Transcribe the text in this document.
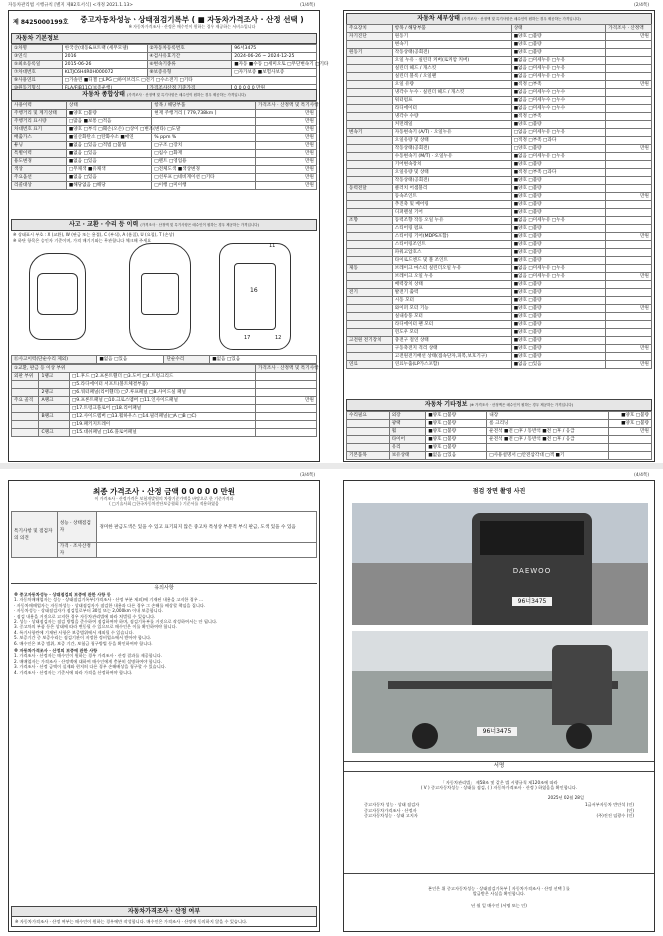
자동차관리법 시행규칙 [별지 제82호서식] <개정 2021.1.13>	(1/4쪽)
제 8425000199호	중고자동차성능ㆍ상태점검기록부 ( ■ 자동차가격조사 · 산정 선택 )
※ 자동차가격조사 · 산정은 매수인이 원하는 경우 제공하는 서비스입니다
자동차 기본정보
①차명	한국산(대동&프트랙 (세무모델)	②자동차등록번호	96서3475
③연식	2016	④검사유효기간	2024-06-26 ~ 2024-12-25
⑤최초등록일	2015-06-26	⑥변속기종류	■자동 ■수동 □세미오토 □무단변속기 □기타
⑦차대번호	KLTJC6H4R0H000072	⑧보증유형	□자가보증 ■보험사보증
⑨사용연료	□가솔린 ■디젤 □LPG □하이브리드 □전기 □수소전기 □기타		

자동차 종합상태 (가격조사 · 산정액 및 특기사항은 매수인이 원하는 경우 제공하는 가격입니다)
사용이력	상태	항목 / 해당부품	가격조사 · 산정액 및 특기사항
주행거리 및 계기상태	■양호 □불량	현재 주행거리 [ 779,738km ]	만원
주행거리 표시량	□많음 ■보통 □적음		만원
차대번호 표기	■양호 □부식 □훼손(오손) □상이 □변조(변타) □도말		만원
배출가스	■일산화탄소 □탄화수소 ■매연	% ppm %	만원
튜닝	■없음 □있음 □적법 □불법	□구조 □장치	만원
특별이력	■없음 □있음	□침수 □화재	만원
용도변경	■없음 □있음	□렌트 □영업용	만원
색상	□무채색 ■유채색	□전체도색 ■색상변경	만원
주요옵션	■없음 □있음	□선루프 □네비게이션 □기타	만원
리콜대상	■해당없음 □해당	□이행 □미이행	만원
사고 · 교환 · 수리 등 이력 (가격조사 · 산정액 및 특기사항은 매수인이 원하는 경우 제공하는 가격입니다)
※ 상태표시 부호 : X (교환), W (판금 또는 용접), C (부식), A (흠집), U (요철), T (손상)
※ 하단 항목은 승인자 기준이며, 가격 매기기와는 무관합니다 체크해 주세요
16
11
12
17
⑪사고이력(단순수리 제외)	■없음 □있음	단순수리	■없음 □있음
①교환, 판금 등 이상 부위			가격조사 · 산정액 및 특기사항
외판 부위	1랭크	□1.후드 □2.프론트휀더 □3.도어 □4.트렁크리드	
		□5.라디에이터 서포트(볼트체결부품)	
	2랭크	□6.쿼터패널(리어휀더) □7.루프패널 □8.사이드실 패널	
주요 골격	A랭크	□9.프론트패널 □10.크로스멤버 □11.인사이드패널	만원
		□17.트렁크플로어 □18.리어패널	
	B랭크	□12.사이드멤버 □13.휠하우스 □14.필러패널(□A □B □C)	
		□19.패키지트레이	
	C랭크	□15.대쉬패널 □16.플로어패널	
(2/4쪽)
자동차 세부상태 (가격조사 · 산정액 및 특기사항은 매수인이 원하는 경우 제공하는 가격입니다)
주요장치	항목 / 해당부품	상태	가격조사 · 산정액
자기진단	원동기	■양호 □불량	만원
	변속기	■양호 □불량	
원동기	작동상태(공회전)	■양호 □불량	
	오일 누유 · 실린더 커버(로커암 커버)	■없음 □미세누유 □누유	
	실린더 헤드 / 개스킷	■없음 □미세누유 □누유	
	실린더 블록 / 오일팬	■없음 □미세누유 □누유	
	오일 유량	■적정 □부족	만원
	냉각수 누수 · 실린더 헤드 / 개스킷	■없음 □미세누수 □누수	
	워터펌프	■없음 □미세누수 □누수	
	라디에이터	■없음 □미세누수 □누수	
	냉각수 수량	■적정 □부족	
	커먼레일	■양호 □불량	
변속기	자동변속기 (A/T) · 오일누유	□없음 □미세누유 □누유	
	오일유량 및 상태	□적정 □부족 □과다	
	작동상태(공회전)	□양호 □불량	만원
	수동변속기 (M/T) · 오일누유	■없음 □미세누유 □누유	
	기어변속장치	■양호 □불량	
	오일유량 및 상태	■적정 □부족 □과다	
	작동상태(공회전)	■양호 □불량	
동력전달	클러치 어셈블리	■양호 □불량	
	등속조인트	■양호 □불량	만원
	추진축 및 베어링	■양호 □불량	
	디퍼렌셜 기어	■양호 □불량	
조향	동력조향 작동 오일 누유	■없음 □미세누유 □누유	
	스티어링 펌프	■양호 □불량	
	스티어링 기어(MDPS포함)	■양호 □불량	만원
	스티어링조인트	■양호 □불량	
	파워고압호스	■양호 □불량	
	타이로드엔드 및 볼 조인트	■양호 □불량	
제동	브레이크 마스터 실린더오일 누유	■없음 □미세누유 □누유	
	브레이크 오일 누유	■없음 □미세누유 □누유	만원
	배력장치 상태	■양호 □불량	
전기	발전기 출력	■양호 □불량	
	시동 모터	■양호 □불량	
	와이퍼 모터 기능	■양호 □불량	만원
	실내송풍 모터	■양호 □불량	
	라디에이터 팬 모터	■양호 □불량	
	윈도우 모터	■양호 □불량	
고전원 전기장치	충전구 절연 상태	■양호 □불량	
	구동축전지 격리 상태	■양호 □불량	만원
	고전원전기배선 상태(접속단자,피복,보호기구)	■양호 □불량	
연료	연료누출(LP가스포함)	■없음 □있음	만원
자동차 기타정보 (※ 가격조사 · 산정액은 매수인이 원하는 경우 제공하는 가격입니다)
수리필요	외장	■양호 □불량	내장	■양호 □불량
	광택	■양호 □불량	룸 크리닝	■양호 □불량
	휠	■양호 □불량	운전석 ■전 □후 / 동반석 ■전 □후 / 응급	만원
	타이어	■양호 □불량	운전석 ■전 □후 / 동반석 ■전 □후 / 응급	
	유리	■양호 □불량		
기본품목	보유상태	■없음 □있음	□사용설명서 □안전삼각대 □잭 ■기	
(3/4쪽)
최종 가격조사 · 산정 금액 0 0 0 0 0 만원
이 가격조사 · 산정가격은 보험개발원의 차량기준가액을 바탕으로 한 기준가격과
( □기술사회 □한국자동차진단보증협회 ) 기준서를 적용하였음
특기사항 및 점검자의 의견	성능 · 상태점검자	경미한 판금도색은 있을 수 있고 표기되지 않은 중고차 특성상 부분적 부식 판금, 도색 있을 수 있음
	가격 · 조사산정자	
유의사항
※ 중고자동차성능 · 상태점검의 보증에 관한 사항 등
1. 자동차매매업자는 성능ㆍ상태점검기록부(가격조사ㆍ산정 부분 제외)에 기재된 내용을 고지한 경우 ...
· 자동차매매업자는 자동차성능ㆍ상태점검자가 점검한 내용과 다른 경우 그 손해를 배상할 책임을 집니다.
· 자동차성능ㆍ상태점검자가 점검일로부터 30일 또는 2,000km 이내 보증합니다.
· 점검 내용을 거짓으로 고지한 경우 자동차관리법에 따라 처벌될 수 있습니다.
2. 성능ㆍ상태점검자는 점검 방법을 준수하여 점검하여야 하며, 점검기록부를 거짓으로 작성하여서는 안 됩니다.
3. 중고차의 부품 등은 상태에 따라 변동될 수 있으므로 매수인은 이를 확인하여야 합니다.
4. 특기사항란에 기재된 사항은 보증범위에서 제외될 수 있습니다.
5. 보증기간 중 보증수리는 점검기관이 지정한 정비업소에서 받아야 합니다.
6. 매수인은 보증 범위, 보증 기간, 보험금 청구방법 등을 확인하여야 합니다.
※ 자동차가격조사 · 산정의 보증에 관한 사항
1. 가격조사ㆍ산정자는 매수인이 원하는 경우 가격조사ㆍ산정 결과를 제공합니다.
2. 매매업자는 가격조사ㆍ산정액에 대하여 매수인에게 충분히 설명하여야 합니다.
3. 가격조사ㆍ산정 금액이 실제와 현저히 다른 경우 손해배상을 청구할 수 있습니다.
4. 가격조사ㆍ산정자는 기준서에 따라 가격을 산정하여야 합니다.
자동차가격조사 · 산정 여부
※ 자동차가격조사 · 산정 여부는 매수인이 원하는 경우에만 작성합니다. 매수인은 가격조사 · 산정에 동의하지 않을 수 있습니다.
(4/4쪽)
점검 장면 촬영 사진
DAEWOO
96너3475
96너3475
서명
「 자동차관리법」 제58조 및 같은 법 시행규칙 제120조에 따라
( Ⅴ ) 중고자동차성능 · 상태를 점검, ( ) 자동차가격조사 · 산정 ) 하였음을 확인합니다.
2025년 02월 28일
중고자동차 성능 · 상태 점검자	1급서부자동차 반안석 (인)
중고자동차가격조사 · 산정자	(인)
중고자동차성능 · 상태 고지자	(주)진진 임광수 (인)
본인은 위 중고자동차성능 · 상태점검기록부 [ 자동차가격조사 · 산정 선택 ] 를
발급받은 사실을 확인합니다.
년 월 일 매수인 (서명 또는 인)
